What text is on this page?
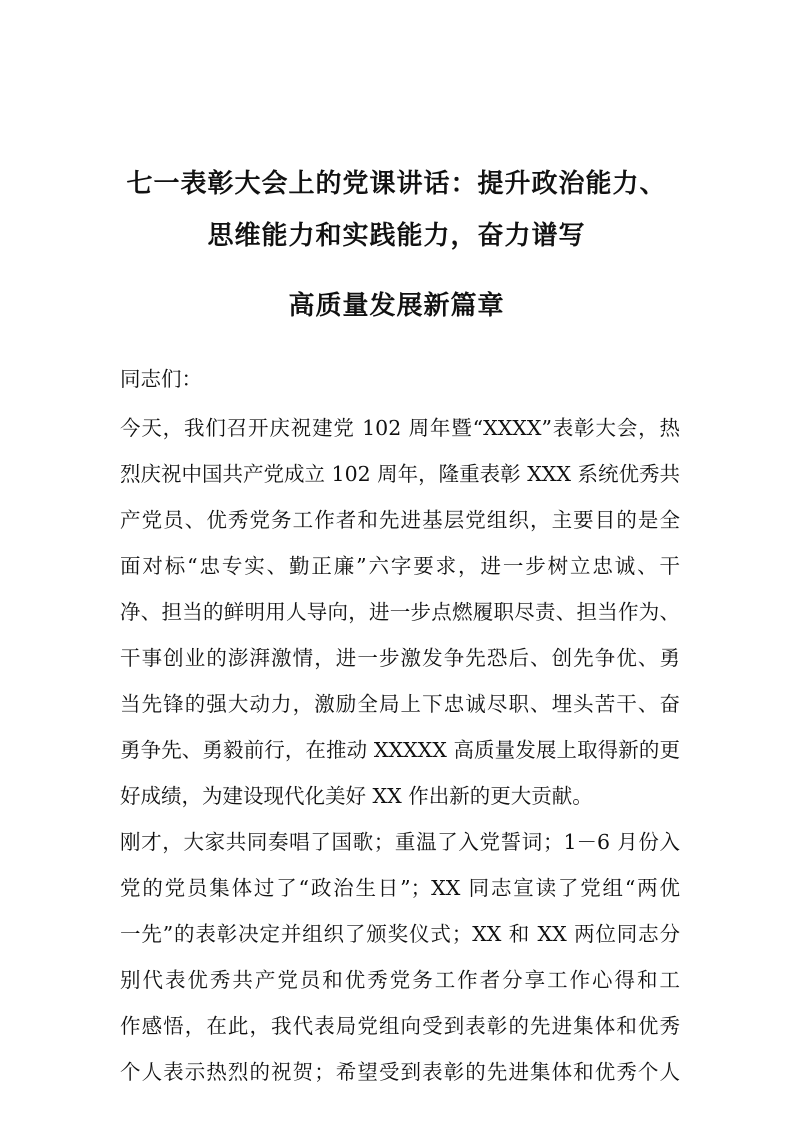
七一表彰大会上的党课讲话：提升政治能力、
思维能力和实践能力，奋力谱写
高质量发展新篇章
同志们：
今天，我们召开庆祝建党 102 周年暨“XXXX”表彰大会，热
烈庆祝中国共产党成立 102 周年，隆重表彰 XXX 系统优秀共
产党员、优秀党务工作者和先进基层党组织，主要目的是全
面对标“忠专实、勤正廉”六字要求，进一步树立忠诚、干
净、担当的鲜明用人导向，进一步点燃履职尽责、担当作为、
干事创业的澎湃激情，进一步激发争先恐后、创先争优、勇
当先锋的强大动力，激励全局上下忠诚尽职、埋头苦干、奋
勇争先、勇毅前行，在推动 XXXXX 高质量发展上取得新的更
好成绩，为建设现代化美好 XX 作出新的更大贡献。
刚才，大家共同奏唱了国歌；重温了入党誓词；1－6 月份入
党的党员集体过了“政治生日”；XX 同志宣读了党组“两优
一先”的表彰决定并组织了颁奖仪式；XX 和 XX 两位同志分
别代表优秀共产党员和优秀党务工作者分享工作心得和工
作感悟，在此，我代表局党组向受到表彰的先进集体和优秀
个人表示热烈的祝贺；希望受到表彰的先进集体和优秀个人
